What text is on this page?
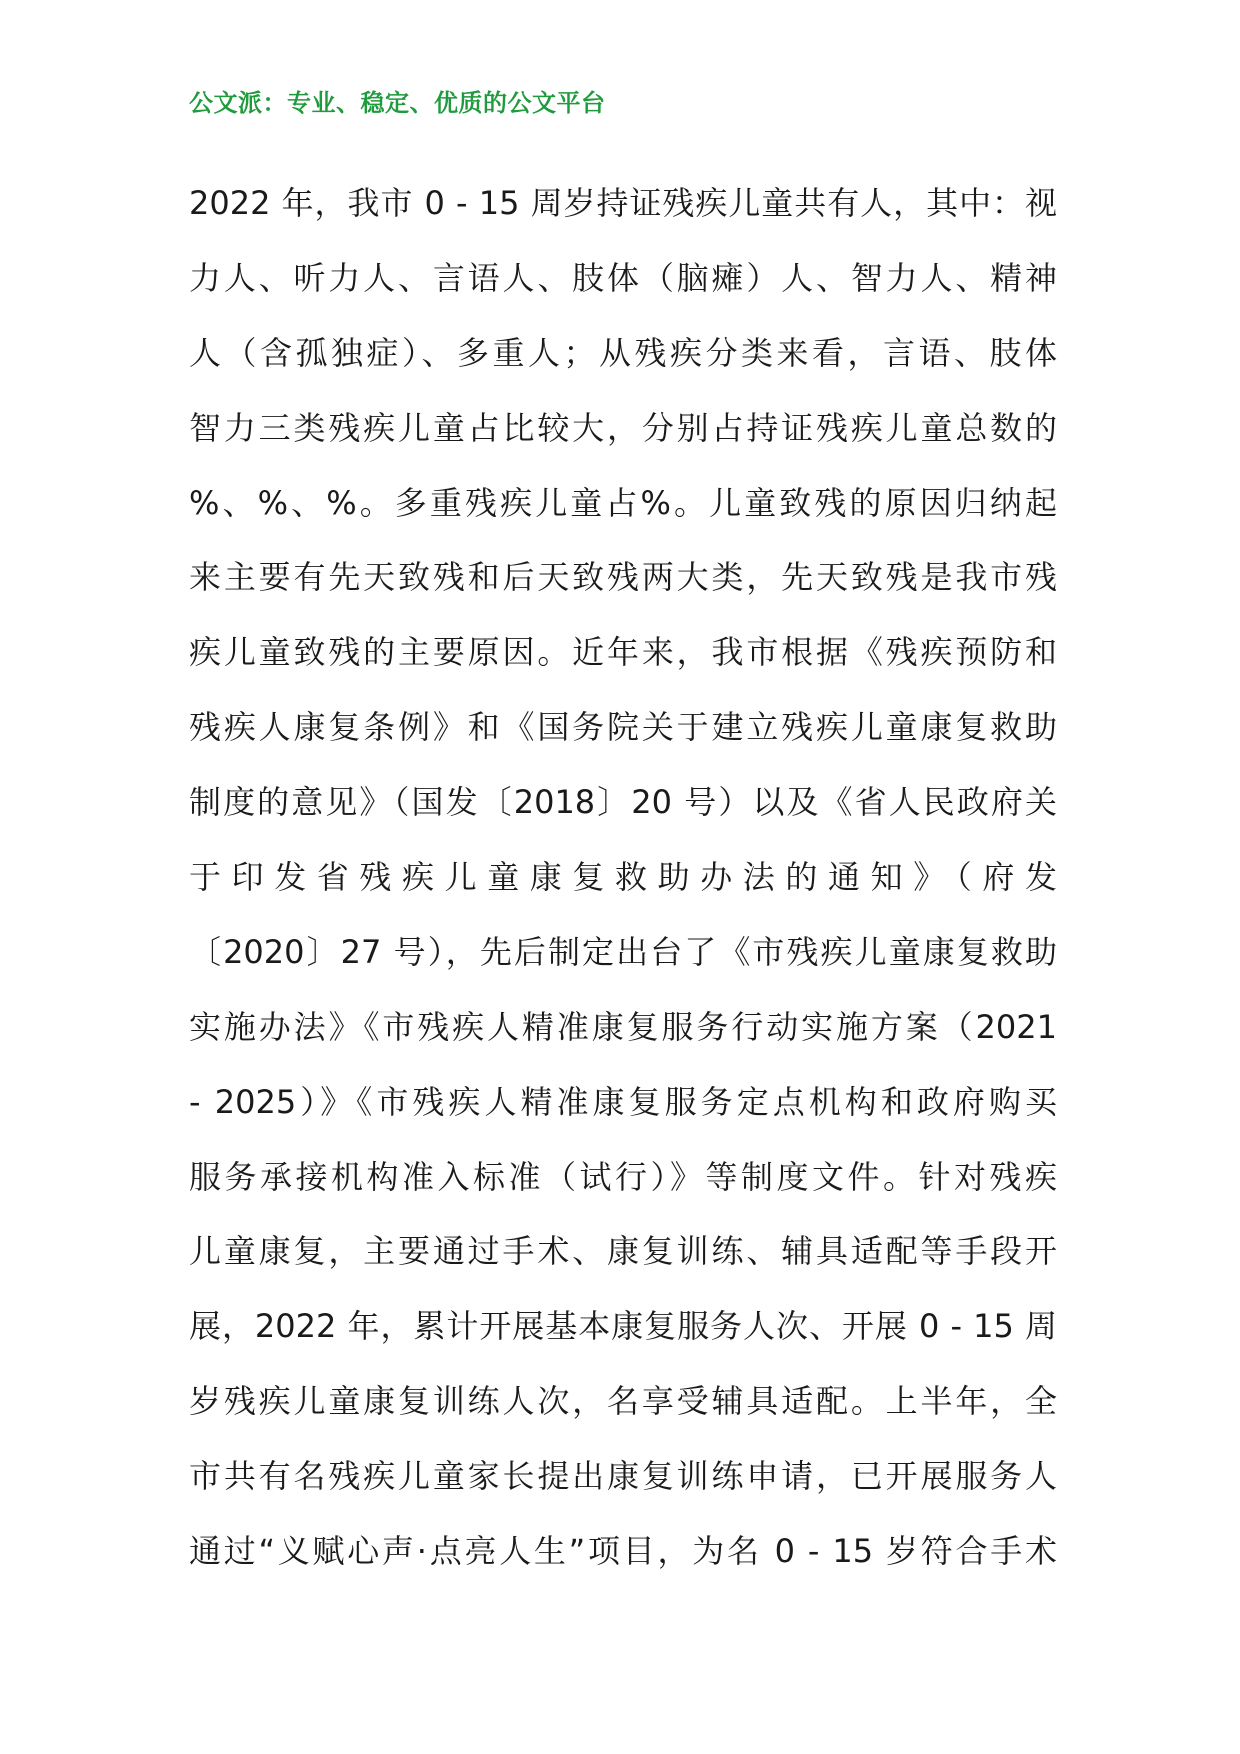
公文派：专业、稳定、优质的公文平台
2022 年，我市 0 - 15 周岁持证残疾儿童共有人，其中：视
力人、听力人、言语人、肢体（脑瘫）人、智力人、精神
人（含孤独症）、多重人；从残疾分类来看，言语、肢体
智力三类残疾儿童占比较大，分别占持证残疾儿童总数的
%、%、%。多重残疾儿童占%。儿童致残的原因归纳起
来主要有先天致残和后天致残两大类，先天致残是我市残
疾儿童致残的主要原因。近年来，我市根据《残疾预防和
残疾人康复条例》和《国务院关于建立残疾儿童康复救助
制度的意见》（国发〔2018〕20 号）以及《省人民政府关
于印发省残疾儿童康复救助办法的通知》（府发
〔2020〕27 号），先后制定出台了《市残疾儿童康复救助
实施办法》《市残疾人精准康复服务行动实施方案（2021
- 2025）》《市残疾人精准康复服务定点机构和政府购买
服务承接机构准入标准（试行）》等制度文件。针对残疾
儿童康复，主要通过手术、康复训练、辅具适配等手段开
展，2022 年，累计开展基本康复服务人次、开展 0 - 15 周
岁残疾儿童康复训练人次，名享受辅具适配。上半年，全
市共有名残疾儿童家长提出康复训练申请，已开展服务人
通过“义赋心声·点亮人生”项目，为名 0 - 15 岁符合手术
